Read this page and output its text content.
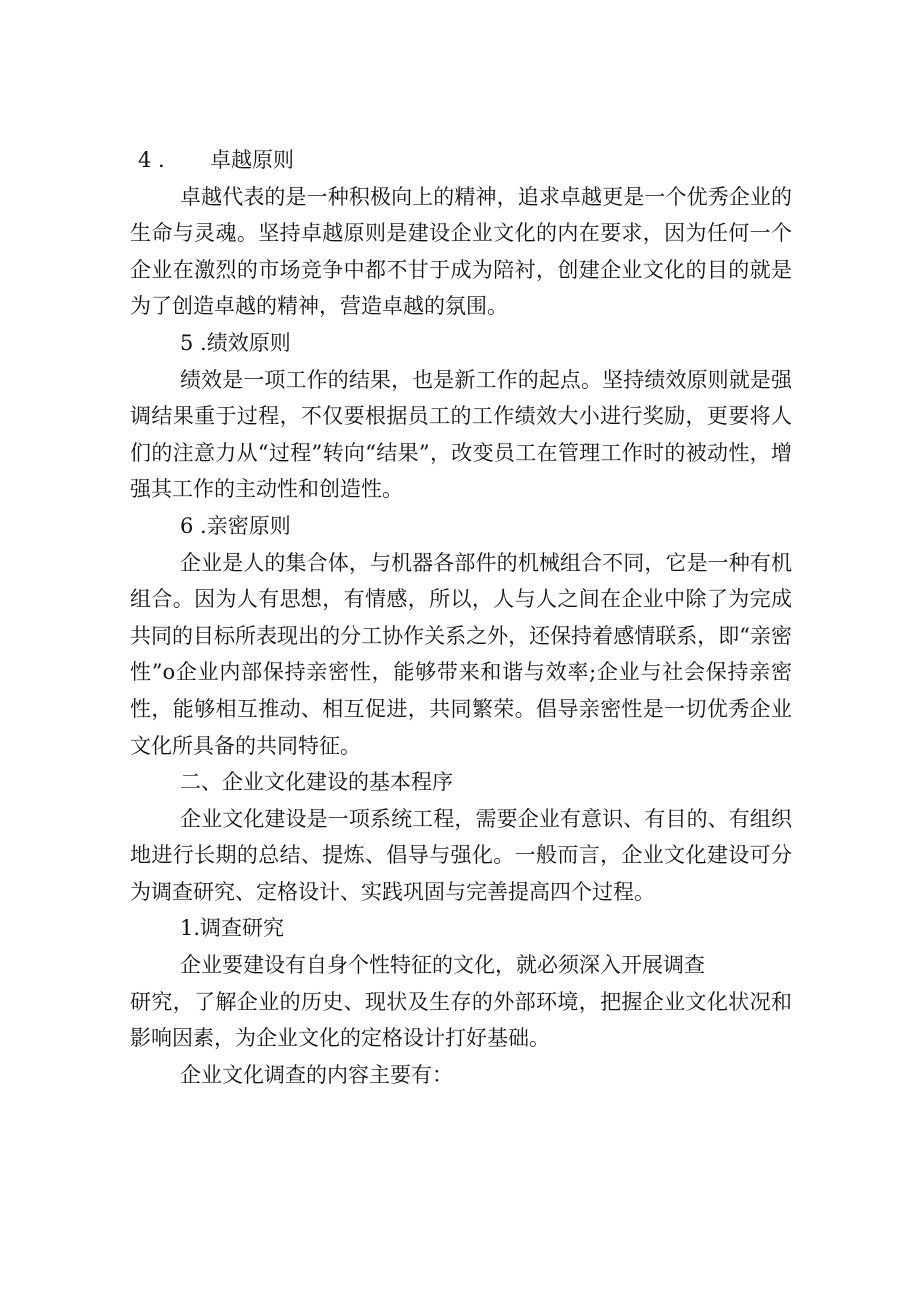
4 . 卓越原则

卓越代表的是一种积极向上的精神，追求卓越更是一个优秀企业的生命与灵魂。坚持卓越原则是建设企业文化的内在要求，因为任何一个企业在激烈的市场竞争中都不甘于成为陪衬，创建企业文化的目的就是为了创造卓越的精神，营造卓越的氛围。

5 .绩效原则

绩效是一项工作的结果，也是新工作的起点。坚持绩效原则就是强调结果重于过程，不仅要根据员工的工作绩效大小进行奖励，更要将人们的注意力从“过程”转向“结果”，改变员工在管理工作时的被动性，增强其工作的主动性和创造性。

6 .亲密原则

企业是人的集合体，与机器各部件的机械组合不同，它是一种有机组合。因为人有思想，有情感，所以，人与人之间在企业中除了为完成共同的目标所表现出的分工协作关系之外，还保持着感情联系，即“亲密性”o企业内部保持亲密性，能够带来和谐与效率;企业与社会保持亲密性，能够相互推动、相互促进，共同繁荣。倡导亲密性是一切优秀企业文化所具备的共同特征。

二、企业文化建设的基本程序

企业文化建设是一项系统工程，需要企业有意识、有目的、有组织地进行长期的总结、提炼、倡导与强化。一般而言，企业文化建设可分为调查研究、定格设计、实践巩固与完善提高四个过程。

1.调查研究

企业要建设有自身个性特征的文化，就必须深入开展调查
研究，了解企业的历史、现状及生存的外部环境，把握企业文化状况和影响因素，为企业文化的定格设计打好基础。

企业文化调查的内容主要有：
